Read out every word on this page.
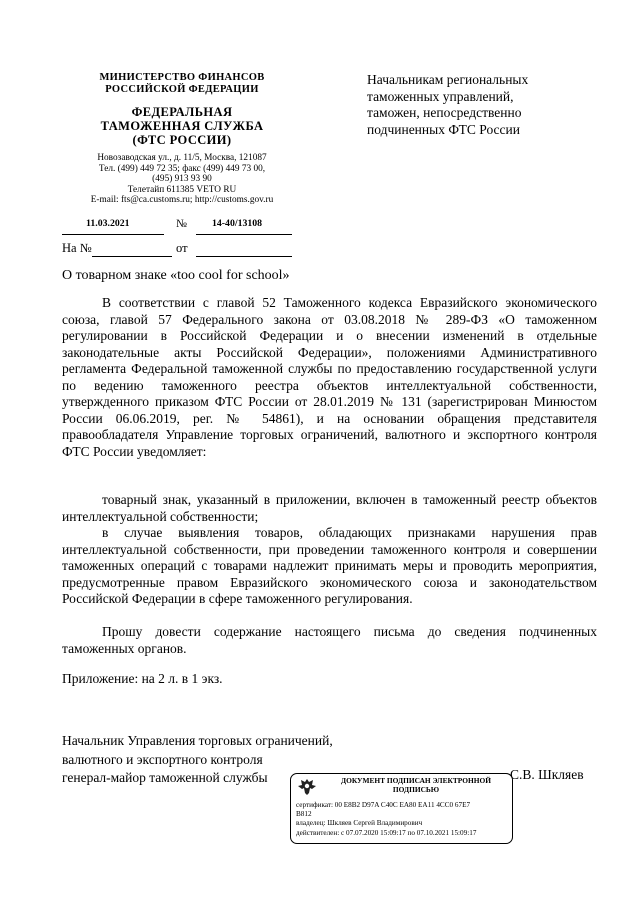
МИНИСТЕРСТВО ФИНАНСОВ
РОССИЙСКОЙ ФЕДЕРАЦИИ
ФЕДЕРАЛЬНАЯ
ТАМОЖЕННАЯ СЛУЖБА
(ФТС РОССИИ)
Новозаводская ул., д. 11/5, Москва, 121087
Тел. (499) 449 72 35; факс (499) 449 73 00,
(495) 913 93 90
Телетайп 611385 VETO RU
E-mail: fts@ca.customs.ru; http://customs.gov.ru
11.03.2021	№	14-40/13108
На №	от
Начальникам региональных
таможенных управлений,
таможен, непосредственно
подчиненных ФТС России
О товарном знаке «too cool for school»
В соответствии с главой 52 Таможенного кодекса Евразийского экономического союза, главой 57 Федерального закона от 03.08.2018 № 289-ФЗ «О таможенном регулировании в Российской Федерации и о внесении изменений в отдельные законодательные акты Российской Федерации», положениями Административного регламента Федеральной таможенной службы по предоставлению государственной услуги по ведению таможенного реестра объектов интеллектуальной собственности, утвержденного приказом ФТС России от 28.01.2019 № 131 (зарегистрирован Минюстом России 06.06.2019, рег. № 54861), и на основании обращения представителя правообладателя Управление торговых ограничений, валютного и экспортного контроля ФТС России уведомляет:
товарный знак, указанный в приложении, включен в таможенный реестр объектов интеллектуальной собственности;
в случае выявления товаров, обладающих признаками нарушения прав интеллектуальной собственности, при проведении таможенного контроля и совершении таможенных операций с товарами надлежит принимать меры и проводить мероприятия, предусмотренные правом Евразийского экономического союза и законодательством Российской Федерации в сфере таможенного регулирования.
Прошу довести содержание настоящего письма до сведения подчиненных таможенных органов.
Приложение: на 2 л. в 1 экз.
Начальник Управления торговых ограничений,
валютного и экспортного контроля
генерал-майор таможенной службы	С.В. Шкляев
ДОКУМЕНТ ПОДПИСАН ЭЛЕКТРОННОЙ
ПОДПИСЬЮ
сертификат: 00 E8B2 D97A C40C EA80 EA11 4CC0 67E7
B812
владелец: Шкляев Сергей Владимирович
действителен: с 07.07.2020 15:09:17 по 07.10.2021 15:09:17
